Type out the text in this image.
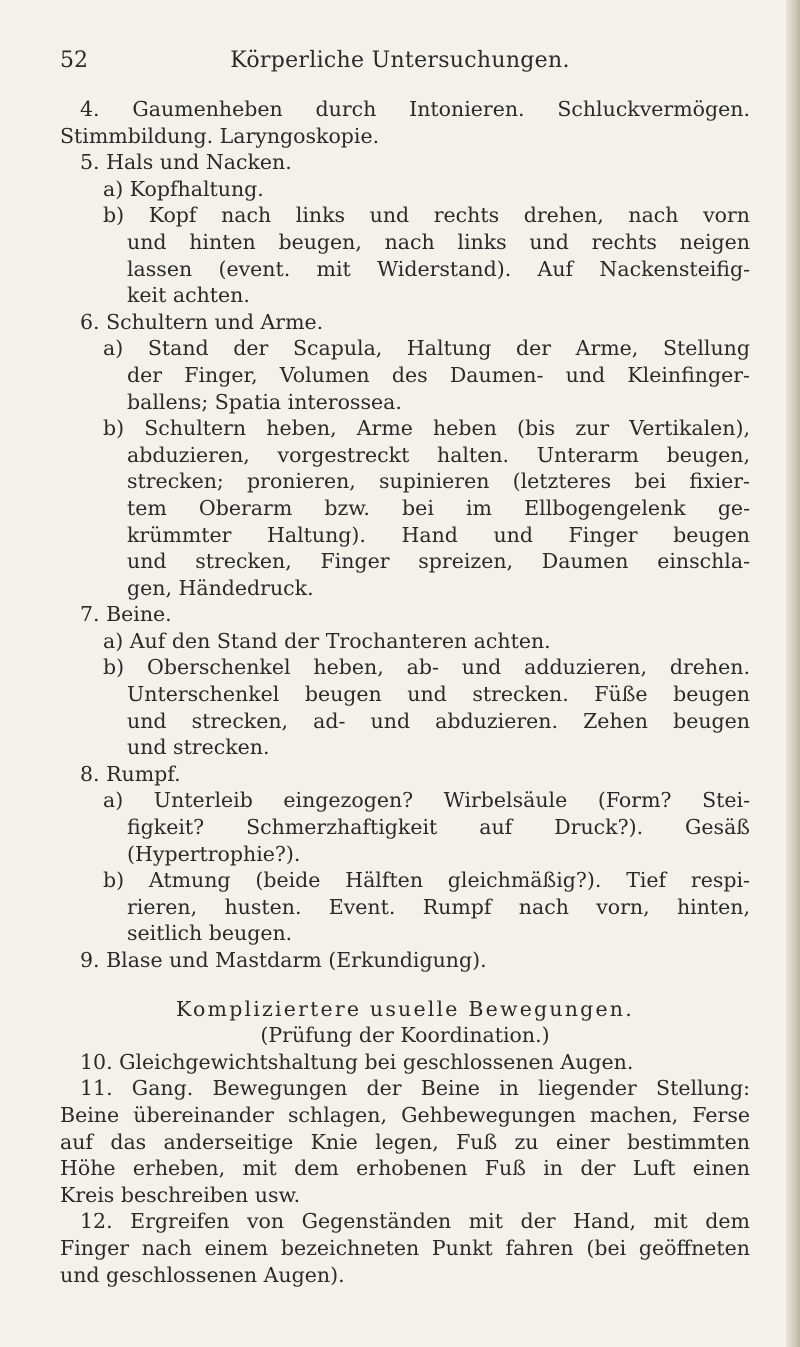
52	Körperliche Untersuchungen.
4. Gaumenheben durch Intonieren. Schluckvermögen.
Stimmbildung. Laryngoskopie.
5. Hals und Nacken.
a) Kopfhaltung.
b) Kopf nach links und rechts drehen, nach vorn
und hinten beugen, nach links und rechts neigen
lassen (event. mit Widerstand). Auf Nackensteifig-
keit achten.
6. Schultern und Arme.
a) Stand der Scapula, Haltung der Arme, Stellung
der Finger, Volumen des Daumen- und Kleinfinger-
ballens; Spatia interossea.
b) Schultern heben, Arme heben (bis zur Vertikalen),
abduzieren, vorgestreckt halten. Unterarm beugen,
strecken; pronieren, supinieren (letzteres bei fixier-
tem Oberarm bzw. bei im Ellbogengelenk ge-
krümmter Haltung). Hand und Finger beugen
und strecken, Finger spreizen, Daumen einschla-
gen, Händedruck.
7. Beine.
a) Auf den Stand der Trochanteren achten.
b) Oberschenkel heben, ab- und adduzieren, drehen.
Unterschenkel beugen und strecken. Füße beugen
und strecken, ad- und abduzieren. Zehen beugen
und strecken.
8. Rumpf.
a) Unterleib eingezogen? Wirbelsäule (Form? Stei-
figkeit? Schmerzhaftigkeit auf Druck?). Gesäß
(Hypertrophie?).
b) Atmung (beide Hälften gleichmäßig?). Tief respi-
rieren, husten. Event. Rumpf nach vorn, hinten,
seitlich beugen.
9. Blase und Mastdarm (Erkundigung).
Kompliziertere usuelle Bewegungen.
(Prüfung der Koordination.)
10. Gleichgewichtshaltung bei geschlossenen Augen.
11. Gang. Bewegungen der Beine in liegender Stellung:
Beine übereinander schlagen, Gehbewegungen machen, Ferse
auf das anderseitige Knie legen, Fuß zu einer bestimmten
Höhe erheben, mit dem erhobenen Fuß in der Luft einen
Kreis beschreiben usw.
12. Ergreifen von Gegenständen mit der Hand, mit dem
Finger nach einem bezeichneten Punkt fahren (bei geöffneten
und geschlossenen Augen).
